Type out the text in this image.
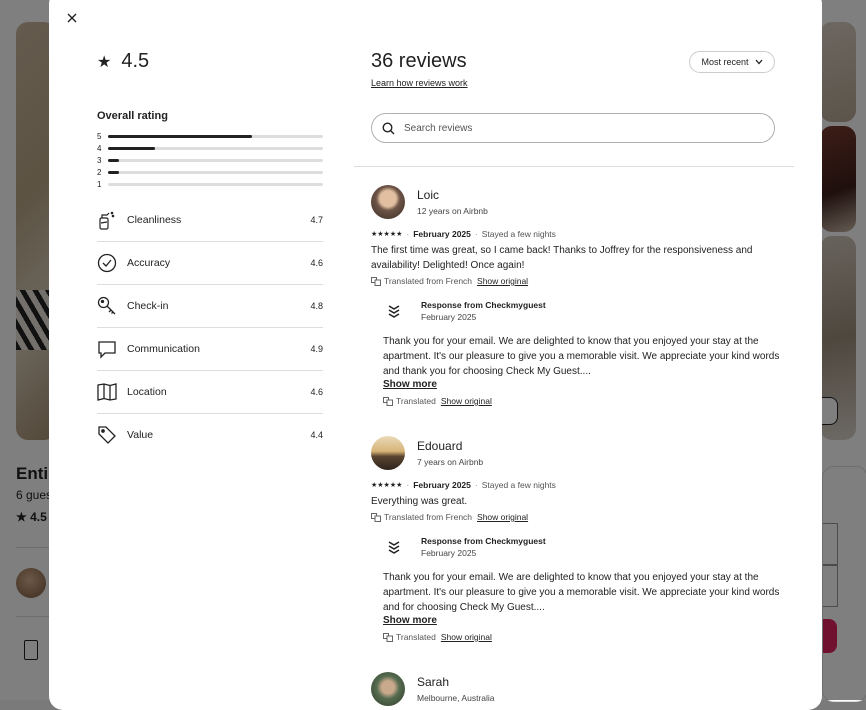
★ 4.5
Overall rating
5
4
3
2
1
Cleanliness	4.7
Accuracy	4.6
Check-in	4.8
Communication	4.9
Location	4.6
Value	4.4
36 reviews
Learn how reviews work
Most recent
Search reviews
Loic
12 years on Airbnb
★★★★★ · February 2025 · Stayed a few nights
The first time was great, so I came back! Thanks to Joffrey for the responsiveness and availability! Delighted! Once again!
Translated from French Show original
Response from Checkmyguest
February 2025
Thank you for your email. We are delighted to know that you enjoyed your stay at the apartment. It's our pleasure to give you a memorable visit. We appreciate your kind words and thank you for choosing Check My Guest....
Show more
Translated Show original
Edouard
7 years on Airbnb
★★★★★ · February 2025 · Stayed a few nights
Everything was great.
Translated from French Show original
Response from Checkmyguest
February 2025
Thank you for your email. We are delighted to know that you enjoyed your stay at the apartment. It's our pleasure to give you a memorable visit. We appreciate your kind words and for choosing Check My Guest....
Show more
Translated Show original
Sarah
Melbourne, Australia
